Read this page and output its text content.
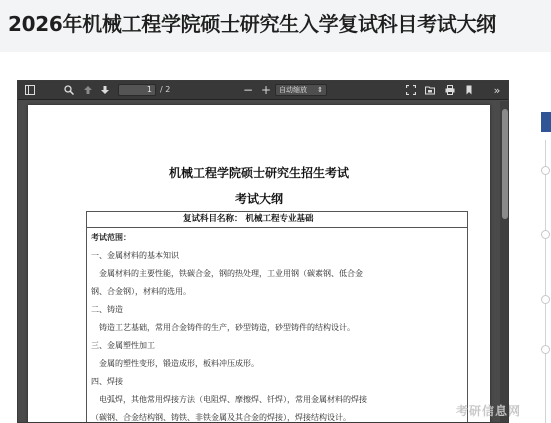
2026年机械工程学院硕士研究生入学复试科目考试大纲
1	/ 2	− +	自动缩放 ⇕	»
机械工程学院硕士研究生招生考试
考试大纲
复试科目名称： 机械工程专业基础
考试范围：
一、金属材料的基本知识
金属材料的主要性能，铁碳合金，钢的热处理，工业用钢（碳素钢、低合金
钢、合金钢），材料的选用。
二、铸造
铸造工艺基础，常用合金铸件的生产，砂型铸造，砂型铸件的结构设计。
三、金属塑性加工
金属的塑性变形，锻造成形，板料冲压成形。
四、焊接
电弧焊，其他常用焊接方法（电阻焊、摩擦焊、钎焊），常用金属材料的焊接
（碳钢、合金结构钢、铸铁、非铁金属及其合金的焊接），焊接结构设计。	考研信息网
